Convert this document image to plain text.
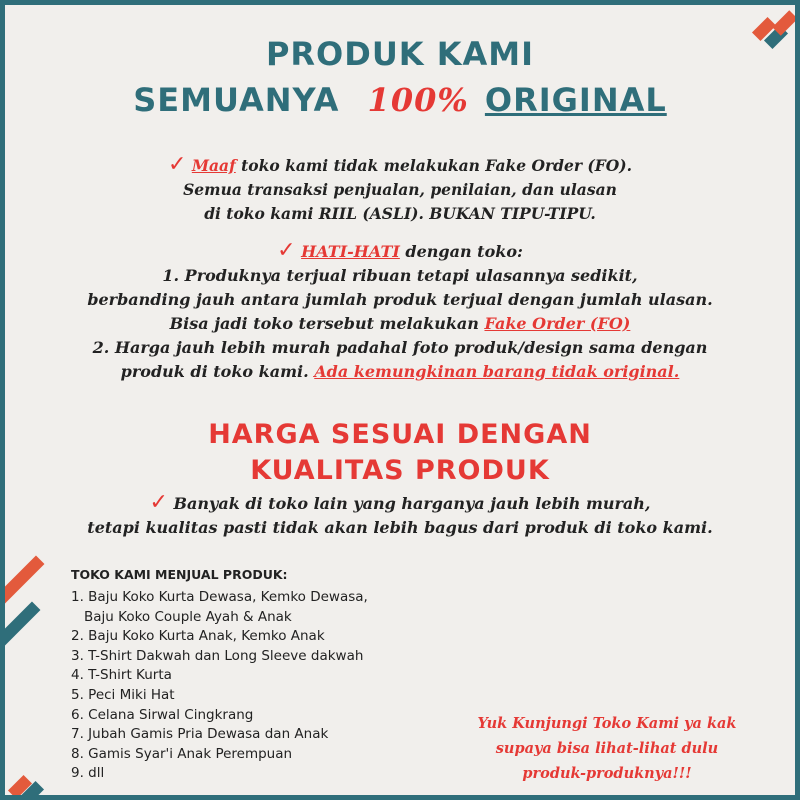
PRODUK KAMI
SEMUANYA 100% ORIGINAL
✓ Maaf toko kami tidak melakukan Fake Order (FO).
Semua transaksi penjualan, penilaian, dan ulasan
di toko kami RIIL (ASLI). BUKAN TIPU-TIPU.
✓ HATI-HATI dengan toko:
1. Produknya terjual ribuan tetapi ulasannya sedikit,
berbanding jauh antara jumlah produk terjual dengan jumlah ulasan.
Bisa jadi toko tersebut melakukan Fake Order (FO)
2. Harga jauh lebih murah padahal foto produk/design sama dengan
produk di toko kami. Ada kemungkinan barang tidak original.
HARGA SESUAI DENGAN
KUALITAS PRODUK
✓ Banyak di toko lain yang harganya jauh lebih murah,
tetapi kualitas pasti tidak akan lebih bagus dari produk di toko kami.
TOKO KAMI MENJUAL PRODUK:
1. Baju Koko Kurta Dewasa, Kemko Dewasa,
Baju Koko Couple Ayah & Anak
2. Baju Koko Kurta Anak, Kemko Anak
3. T-Shirt Dakwah dan Long Sleeve dakwah
4. T-Shirt Kurta
5. Peci Miki Hat
6. Celana Sirwal Cingkrang
7. Jubah Gamis Pria Dewasa dan Anak
8. Gamis Syar'i Anak Perempuan
9. dll
Yuk Kunjungi Toko Kami ya kak
supaya bisa lihat-lihat dulu
produk-produknya!!!
